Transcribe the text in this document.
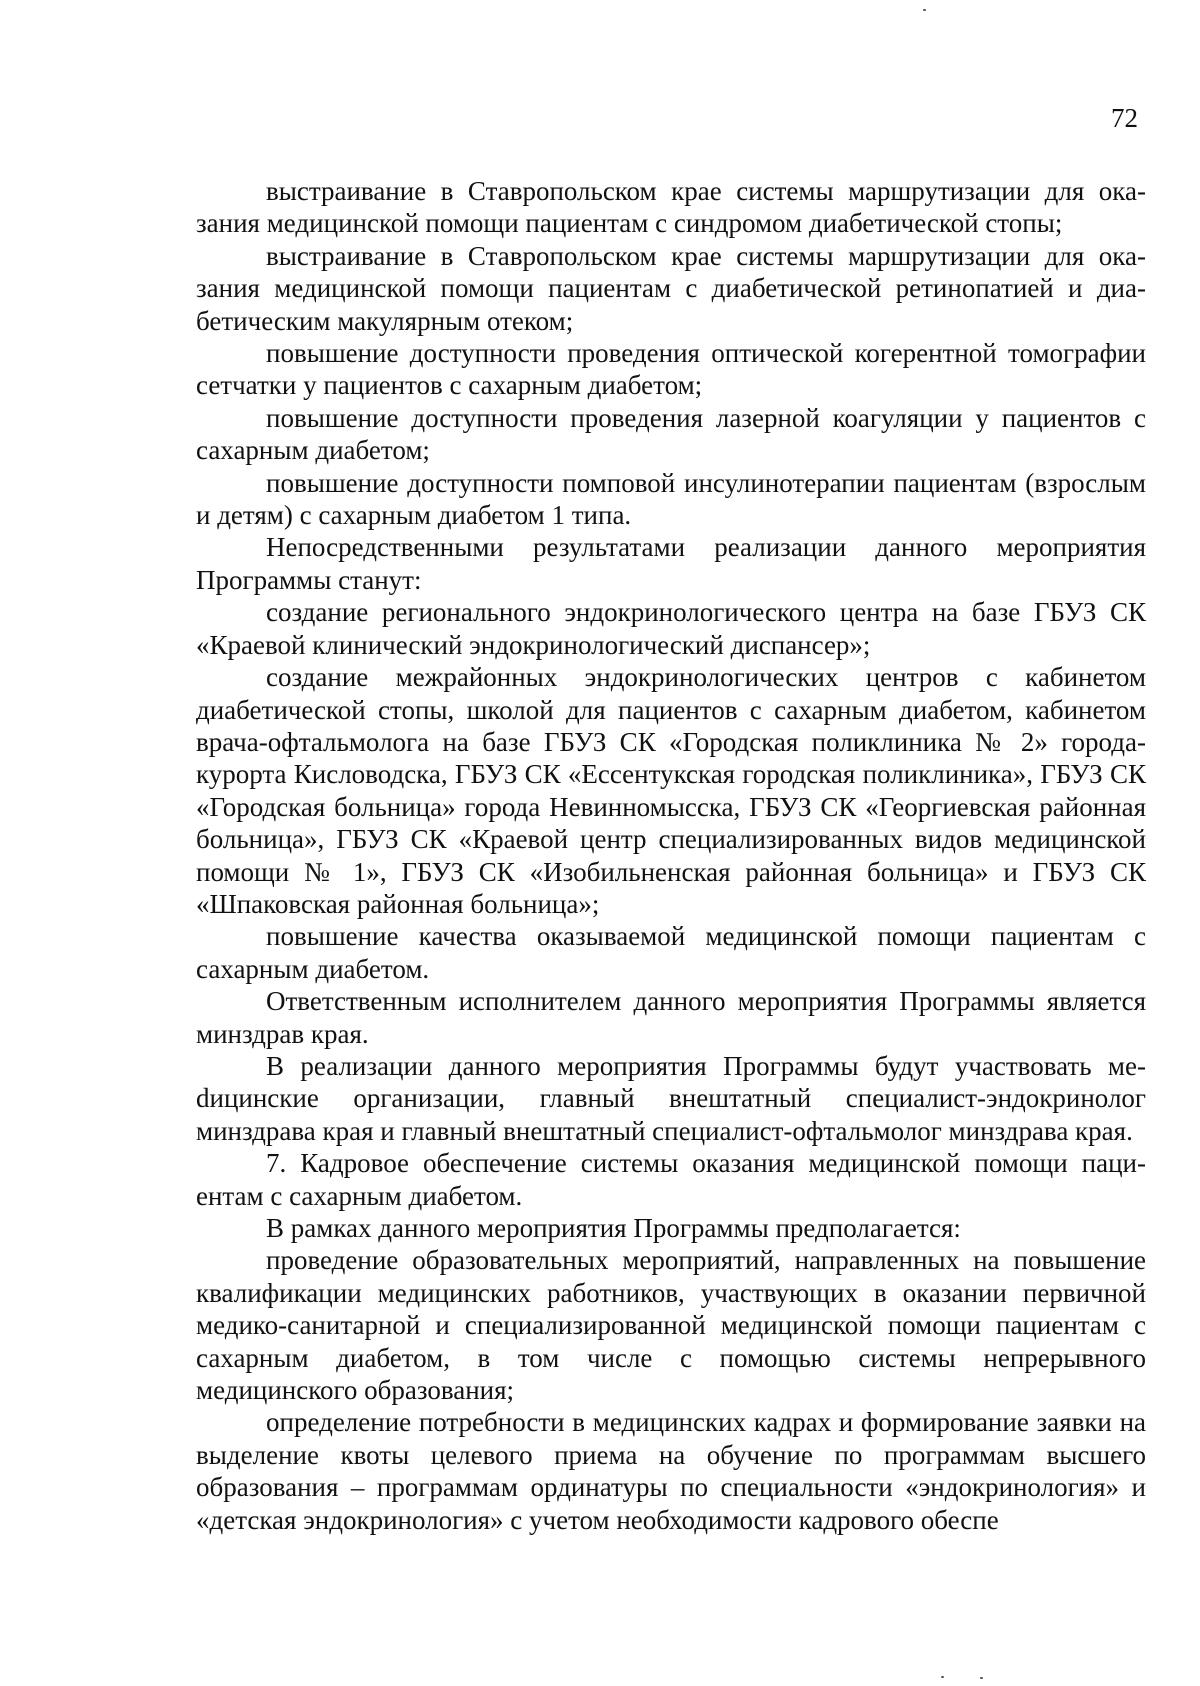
72

выстраивание в Ставропольском крае системы маршрутизации для оказания медицинской помощи пациентам с синдромом диабетической стопы;

выстраивание в Ставропольском крае системы маршрутизации для оказания медицинской помощи пациентам с диабетической ретинопатией и диабетическим макулярным отеком;

повышение доступности проведения оптической когерентной томографии сетчатки у пациентов с сахарным диабетом;

повышение доступности проведения лазерной коагуляции у пациентов с сахарным диабетом;

повышение доступности помповой инсулинотерапии пациентам (взрослым и детям) с сахарным диабетом 1 типа.

Непосредственными результатами реализации данного мероприятия Программы станут:

создание регионального эндокринологического центра на базе ГБУЗ СК «Краевой клинический эндокринологический диспансер»;

создание межрайонных эндокринологических центров с кабинетом диабетической стопы, школой для пациентов с сахарным диабетом, кабинетом врача-офтальмолога на базе ГБУЗ СК «Городская поликлиника № 2» города-курорта Кисловодска, ГБУЗ СК «Ессентукская городская поликлиника», ГБУЗ СК «Городская больница» города Невинномысска, ГБУЗ СК «Георгиевская районная больница», ГБУЗ СК «Краевой центр специализированных видов медицинской помощи № 1», ГБУЗ СК «Изобильненская районная больница» и ГБУЗ СК «Шпаковская районная больница»;

повышение качества оказываемой медицинской помощи пациентам с сахарным диабетом.

Ответственным исполнителем данного мероприятия Программы является минздрав края.

В реализации данного мероприятия Программы будут участвовать меdицинские организации, главный внештатный специалист-эндокринолог минздрава края и главный внештатный специалист-офтальмолог минздрава края.

7. Кадровое обеспечение системы оказания медицинской помощи пациентам с сахарным диабетом.

В рамках данного мероприятия Программы предполагается:

проведение образовательных мероприятий, направленных на повышение квалификации медицинских работников, участвующих в оказании первичной медико-санитарной и специализированной медицинской помощи пациентам с сахарным диабетом, в том числе с помощью системы непрерывного медицинского образования;

определение потребности в медицинских кадрах и формирование заявки на выделение квоты целевого приема на обучение по программам высшего образования – программам ординатуры по специальности «эндокринология» и «детская эндокринология» с учетом необходимости кадрового обеспе
